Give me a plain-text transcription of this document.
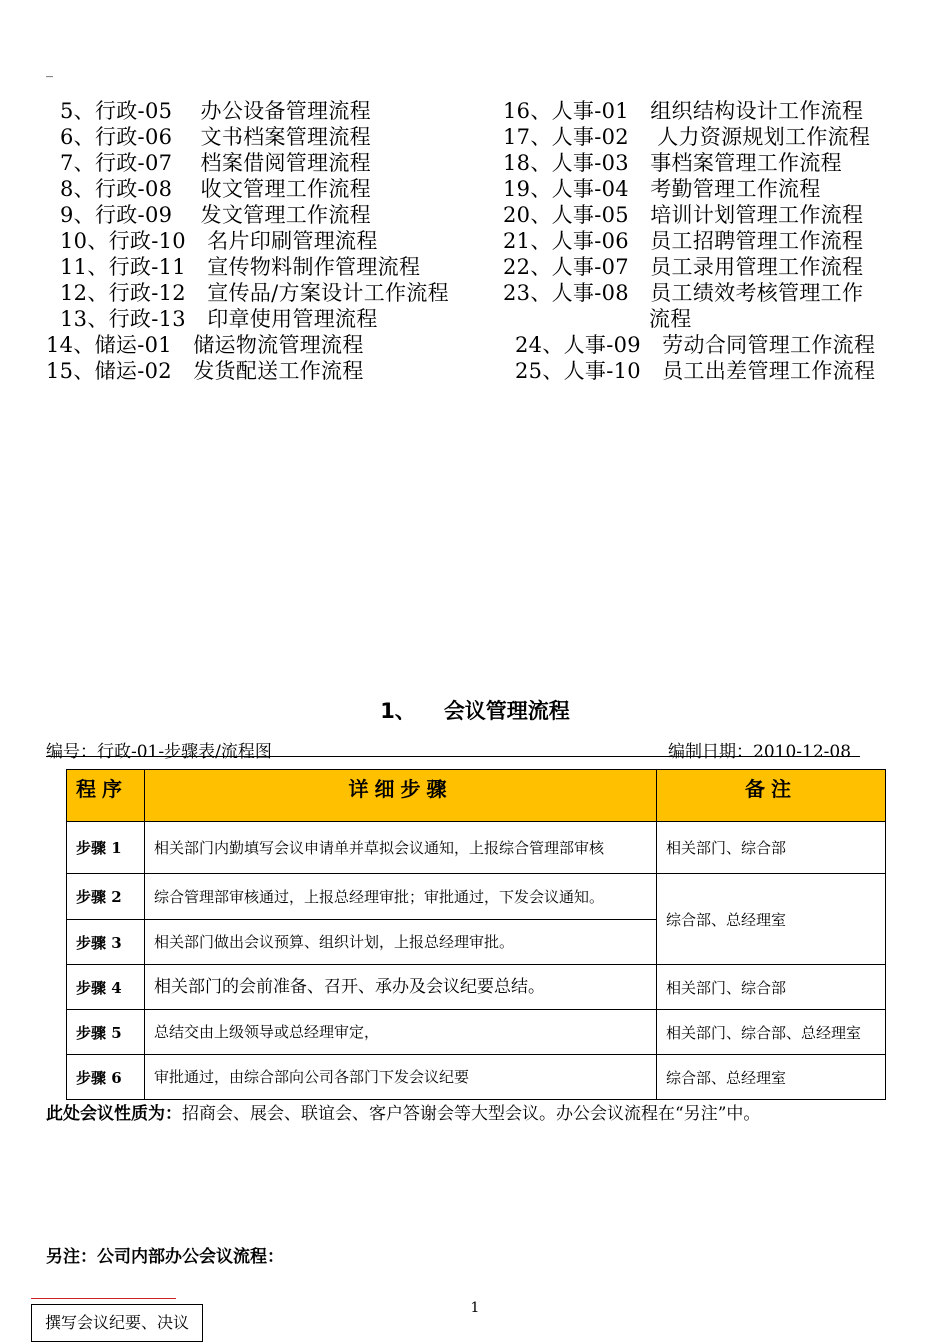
_
5、行政-05　 办公设备管理流程
6、行政-06　 文书档案管理流程
7、行政-07　 档案借阅管理流程
8、行政-08　 收文管理工作流程
9、行政-09　 发文管理工作流程
10、行政-10　名片印刷管理流程
11、行政-11　宣传物料制作管理流程
12、行政-12　宣传品/方案设计工作流程
13、行政-13　印章使用管理流程
14、储运-01　储运物流管理流程
15、储运-02　发货配送工作流程
16、人事-01　组织结构设计工作流程
17、人事-02　 人力资源规划工作流程
18、人事-03　事档案管理工作流程
19、人事-04　考勤管理工作流程
20、人事-05　培训计划管理工作流程
21、人事-06　员工招聘管理工作流程
22、人事-07　员工录用管理工作流程
23、人事-08　员工绩效考核管理工作
流程
24、人事-09　劳动合同管理工作流程
25、人事-10　员工出差管理工作流程
1、 会议管理流程
编号：行政-01-步骤表/流程图	编制日期：2010-12-08
程序	详细步骤	备注
步骤 1	相关部门内勤填写会议申请单并草拟会议通知，上报综合管理部审核	相关部门、综合部
步骤 2	综合管理部审核通过，上报总经理审批；审批通过，下发会议通知。	综合部、总经理室
步骤 3	相关部门做出会议预算、组织计划，上报总经理审批。	
步骤 4	相关部门的会前准备、召开、承办及会议纪要总结。	相关部门、综合部
步骤 5	总结交由上级领导或总经理审定，	相关部门、综合部、总经理室
步骤 6	审批通过，由综合部向公司各部门下发会议纪要	综合部、总经理室
此处会议性质为：招商会、展会、联谊会、客户答谢会等大型会议。办公会议流程在“另注”中。
另注：公司内部办公会议流程：
1
撰写会议纪要、决议
